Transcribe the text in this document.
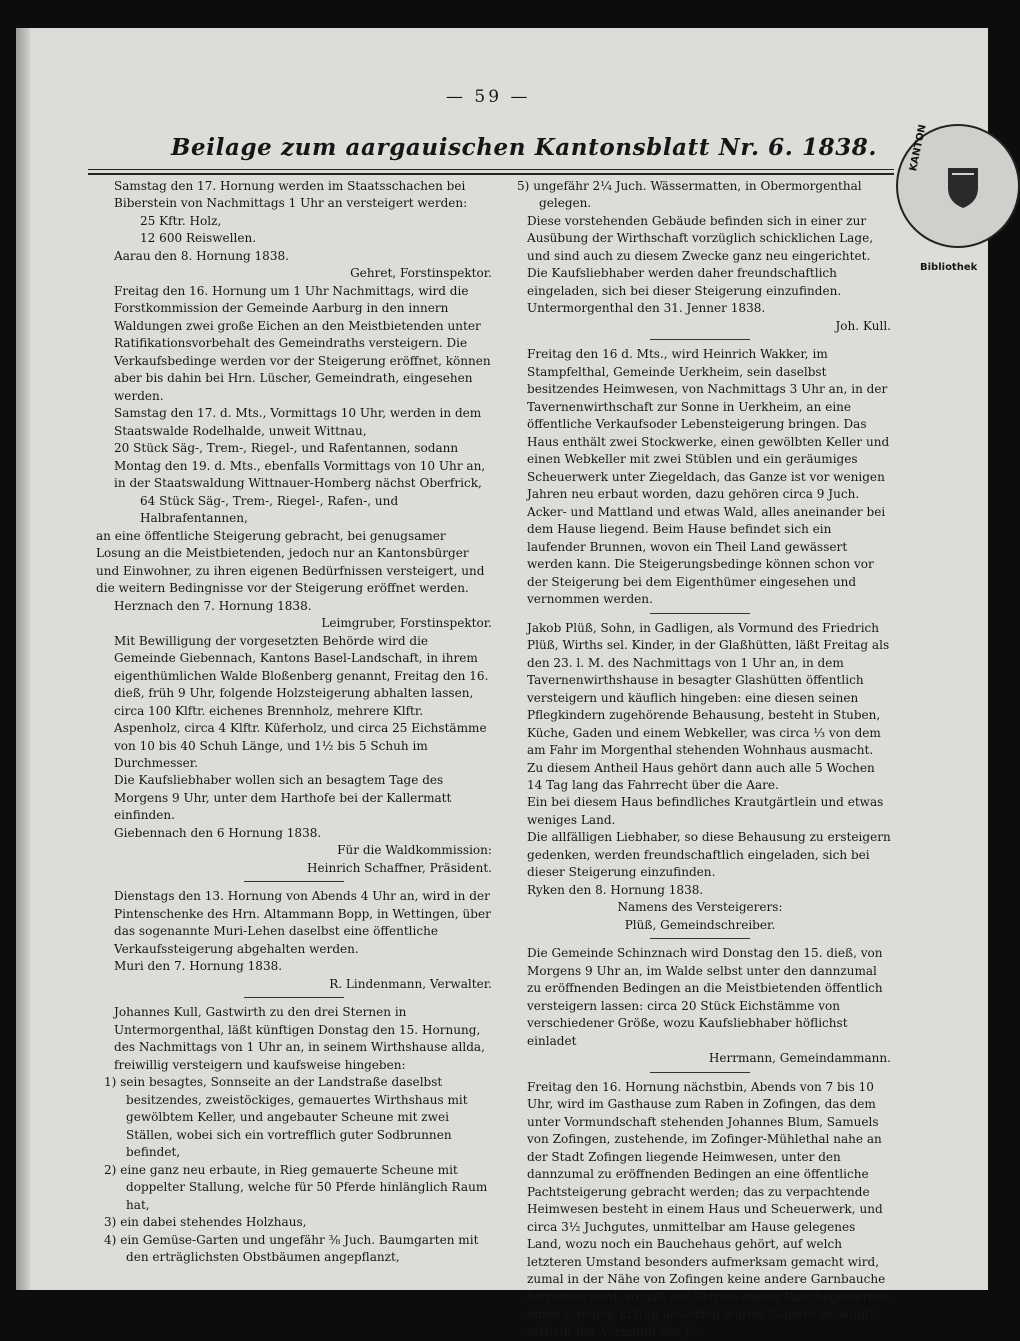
— 59 —
Beilage zum aargauischen Kantonsblatt Nr. 6. 1838.	KANTON
Bibliothek

Samstag den 17. Hornung werden im Staatsschachen bei Biberstein von Nachmittags 1 Uhr an versteigert werden:

25 Kftr. Holz,

12 600 Reiswellen.

Aarau den 8. Hornung 1838.

Gehret, Forstinspektor.

Freitag den 16. Hornung um 1 Uhr Nachmittags, wird die Forstkommission der Gemeinde Aarburg in den innern Waldungen zwei große Eichen an den Meistbietenden unter Ratifikationsvorbehalt des Gemeindraths versteigern. Die Verkaufsbedinge werden vor der Steigerung eröffnet, können aber bis dahin bei Hrn. Lüscher, Gemeindrath, eingesehen werden.

Samstag den 17. d. Mts., Vormittags 10 Uhr, werden in dem Staatswalde Rodelhalde, unweit Wittnau,

20 Stück Säg-, Trem-, Riegel-, und Rafentannen, sodann Montag den 19. d. Mts., ebenfalls Vormittags von 10 Uhr an, in der Staatswaldung Wittnauer-Homberg nächst Oberfrick,

64 Stück Säg-, Trem-, Riegel-, Rafen-, und Halbrafentannen,

an eine öffentliche Steigerung gebracht, bei genugsamer Losung an die Meistbietenden, jedoch nur an Kantonsbürger und Einwohner, zu ihren eigenen Bedürfnissen versteigert, und die weitern Bedingnisse vor der Steigerung eröffnet werden.

Herznach den 7. Hornung 1838.

Leimgruber, Forstinspektor.

Mit Bewilligung der vorgesetzten Behörde wird die Gemeinde Giebennach, Kantons Basel-Landschaft, in ihrem eigenthümlichen Walde Bloßenberg genannt, Freitag den 16. dieß, früh 9 Uhr, folgende Holzsteigerung abhalten lassen, circa 100 Klftr. eichenes Brennholz, mehrere Klftr. Aspenholz, circa 4 Klftr. Küferholz, und circa 25 Eichstämme von 10 bis 40 Schuh Länge, und 1½ bis 5 Schuh im Durchmesser.

Die Kaufsliebhaber wollen sich an besagtem Tage des Morgens 9 Uhr, unter dem Harthofe bei der Kallermatt einfinden.

Giebennach den 6 Hornung 1838.

Für die Waldkommission:

Heinrich Schaffner, Präsident.

Dienstags den 13. Hornung von Abends 4 Uhr an, wird in der Pintenschenke des Hrn. Altammann Bopp, in Wettingen, über das sogenannte Muri-Lehen daselbst eine öffentliche Verkaufssteigerung abgehalten werden.

Muri den 7. Hornung 1838.

R. Lindenmann, Verwalter.

Johannes Kull, Gastwirth zu den drei Sternen in Untermorgenthal, läßt künftigen Donstag den 15. Hornung, des Nachmittags von 1 Uhr an, in seinem Wirthshause allda, freiwillig versteigern und kaufsweise hingeben:

1) sein besagtes, Sonnseite an der Landstraße daselbst besitzendes, zweistöckiges, gemauertes Wirthshaus mit gewölbtem Keller, und angebauter Scheune mit zwei Ställen, wobei sich ein vortrefflich guter Sodbrunnen befindet,

2) eine ganz neu erbaute, in Rieg gemauerte Scheune mit doppelter Stallung, welche für 50 Pferde hinlänglich Raum hat,

3) ein dabei stehendes Holzhaus,

4) ein Gemüse-Garten und ungefähr ⅜ Juch. Baumgarten mit den erträglichsten Obstbäumen angepflanzt,

5) ungefähr 2¼ Juch. Wässermatten, in Obermorgenthal gelegen.

Diese vorstehenden Gebäude befinden sich in einer zur Ausübung der Wirthschaft vorzüglich schicklichen Lage, und sind auch zu diesem Zwecke ganz neu eingerichtet.

Die Kaufsliebhaber werden daher freundschaftlich eingeladen, sich bei dieser Steigerung einzufinden.

Untermorgenthal den 31. Jenner 1838.

Joh. Kull.

Freitag den 16 d. Mts., wird Heinrich Wakker, im Stampfelthal, Gemeinde Uerkheim, sein daselbst besitzendes Heimwesen, von Nachmittags 3 Uhr an, in der Tavernenwirthschaft zur Sonne in Uerkheim, an eine öffentliche Verkaufsoder Lebensteigerung bringen. Das Haus enthält zwei Stockwerke, einen gewölbten Keller und einen Webkeller mit zwei Stüblen und ein geräumiges Scheuerwerk unter Ziegeldach, das Ganze ist vor wenigen Jahren neu erbaut worden, dazu gehören circa 9 Juch. Acker- und Mattland und etwas Wald, alles aneinander bei dem Hause liegend. Beim Hause befindet sich ein laufender Brunnen, wovon ein Theil Land gewässert werden kann. Die Steigerungsbedinge können schon vor der Steigerung bei dem Eigenthümer eingesehen und vernommen werden.

Jakob Plüß, Sohn, in Gadligen, als Vormund des Friedrich Plüß, Wirths sel. Kinder, in der Glaßhütten, läßt Freitag als den 23. l. M. des Nachmittags von 1 Uhr an, in dem Tavernenwirthshause in besagter Glashütten öffentlich versteigern und käuflich hingeben: eine diesen seinen Pflegkindern zugehörende Behausung, besteht in Stuben, Küche, Gaden und einem Webkeller, was circa ⅓ von dem am Fahr im Morgenthal stehenden Wohnhaus ausmacht.

Zu diesem Antheil Haus gehört dann auch alle 5 Wochen 14 Tag lang das Fahrrecht über die Aare.

Ein bei diesem Haus befindliches Krautgärtlein und etwas weniges Land.

Die allfälligen Liebhaber, so diese Behausung zu ersteigern gedenken, werden freundschaftlich eingeladen, sich bei dieser Steigerung einzufinden.

Ryken den 8. Hornung 1838.

Namens des Versteigerers:

Plüß, Gemeindschreiber.

Die Gemeinde Schinznach wird Donstag den 15. dieß, von Morgens 9 Uhr an, im Walde selbst unter den dannzumal zu eröffnenden Bedingen an die Meistbietenden öffentlich versteigern lassen: circa 20 Stück Eichstämme von verschiedener Größe, wozu Kaufsliebhaber höflichst einladet

Herrmann, Gemeindammann.

Freitag den 16. Hornung nächstbin, Abends von 7 bis 10 Uhr, wird im Gasthause zum Raben in Zofingen, das dem unter Vormundschaft stehenden Johannes Blum, Samuels von Zofingen, zustehende, im Zofinger-Mühlethal nahe an der Stadt Zofingen liegende Heimwesen, unter den dannzumal zu eröffnenden Bedingen an eine öffentliche Pachtsteigerung gebracht werden; das zu verpachtende Heimwesen besteht in einem Haus und Scheuerwerk, und circa 3½ Juchgutes, unmittelbar am Hause gelegenes Land, wozu noch ein Bauchehaus gehört, auf welch letzteren Umstand besonders aufmerksam gemacht wird, zumal in der Nähe von Zofingen keine andere Garnbauche betrieben wird, so daß der Betrieb dieses Bauchegewerbes einen schönen Ertrag abwerfen würde. Nähere Auskunft ertheilt der Vormund des Jo-
